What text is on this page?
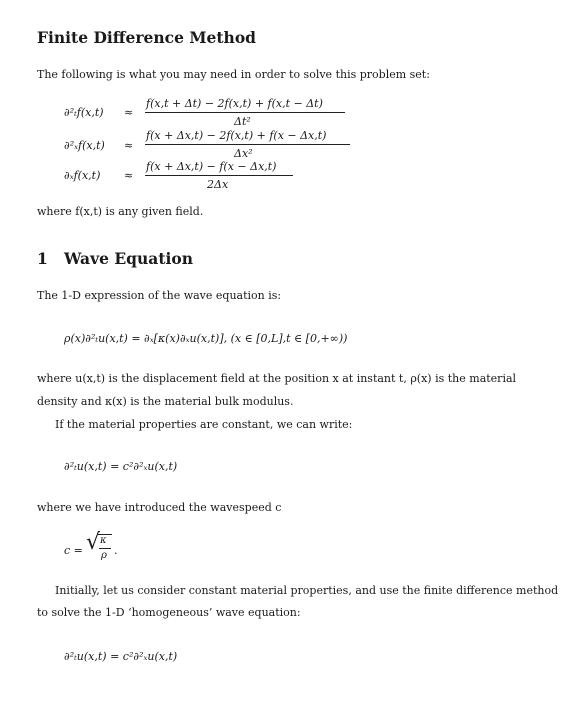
Finite Difference Method
The following is what you may need in order to solve this problem set:
∂²ₜf(x,t) ≈
f(x,t + Δt) − 2f(x,t) + f(x,t − Δt)
Δt²
∂²ₓf(x,t) ≈
f(x + Δx,t) − 2f(x,t) + f(x − Δx,t)
Δx²
∂ₓf(x,t) ≈
f(x + Δx,t) − f(x − Δx,t)
2Δx
where f(x,t) is any given field.
1 Wave Equation
The 1-D expression of the wave equation is:
ρ(x)∂²ₜu(x,t) = ∂ₓ[κ(x)∂ₓu(x,t)], (x ∈ [0,L],t ∈ [0,+∞))
where u(x,t) is the displacement field at the position x at instant t, ρ(x) is the material
density and κ(x) is the material bulk modulus.
If the material properties are constant, we can write:
∂²ₜu(x,t) = c²∂²ₓu(x,t)
where we have introduced the wavespeed c
c = √ κ
ρ .
Initially, let us consider constant material properties, and use the finite difference method
to solve the 1-D ‘homogeneous’ wave equation:
∂²ₜu(x,t) = c²∂²ₓu(x,t)
